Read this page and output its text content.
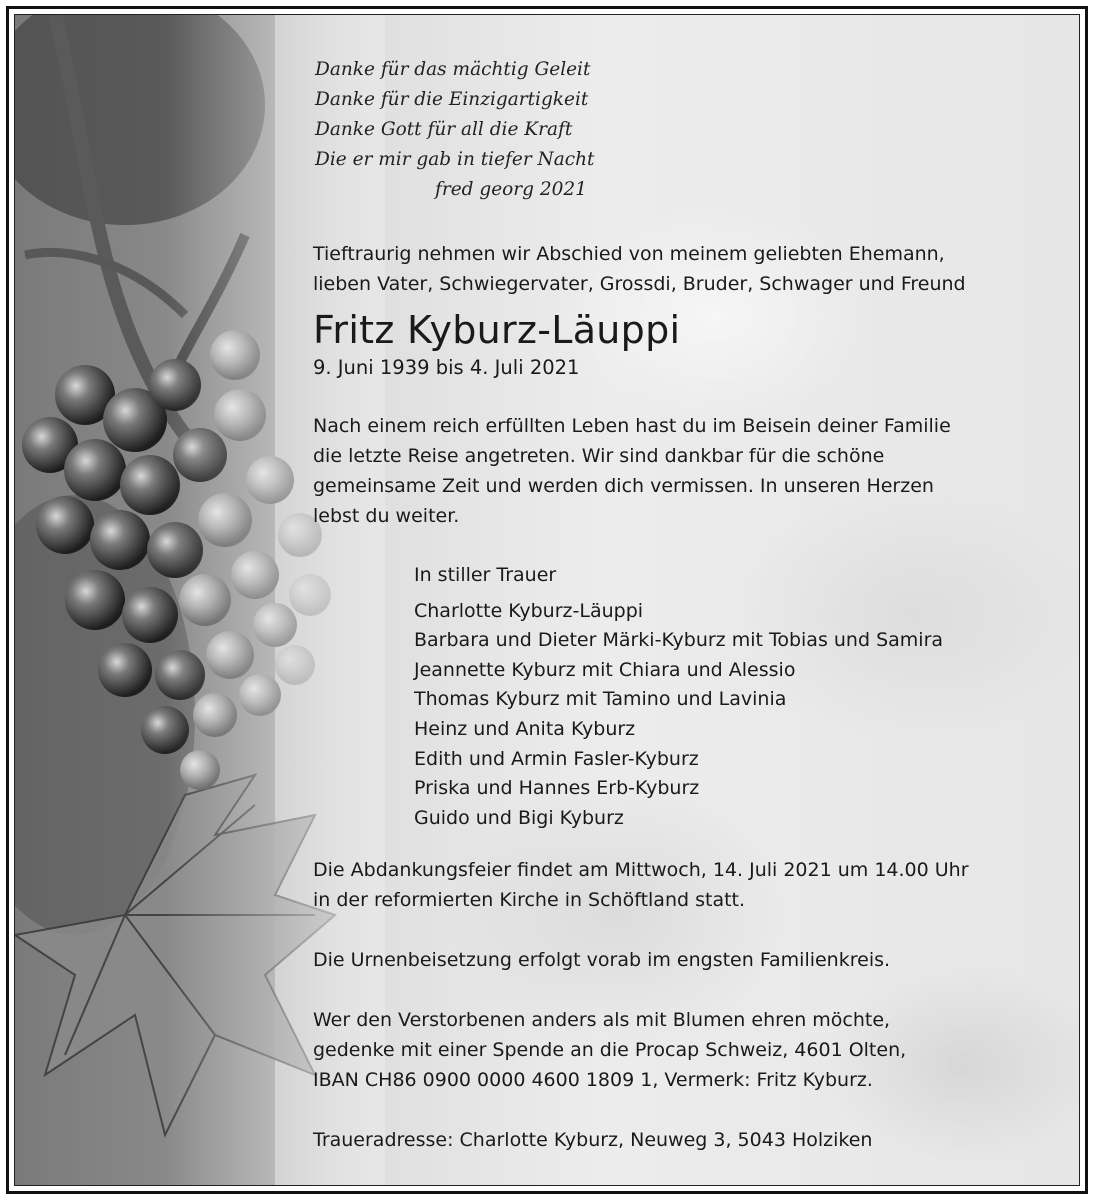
Danke für das mächtig Geleit
Danke für die Einzigartigkeit
Danke Gott für all die Kraft
Die er mir gab in tiefer Nacht
fred georg 2021
Tieftraurig nehmen wir Abschied von meinem geliebten Ehemann,
lieben Vater, Schwiegervater, Grossdi, Bruder, Schwager und Freund
Fritz Kyburz-Läuppi
9. Juni 1939 bis 4. Juli 2021
Nach einem reich erfüllten Leben hast du im Beisein deiner Familie
die letzte Reise angetreten. Wir sind dankbar für die schöne
gemeinsame Zeit und werden dich vermissen. In unseren Herzen
lebst du weiter.
In stiller Trauer
Charlotte Kyburz-Läuppi
Barbara und Dieter Märki-Kyburz mit Tobias und Samira
Jeannette Kyburz mit Chiara und Alessio
Thomas Kyburz mit Tamino und Lavinia
Heinz und Anita Kyburz
Edith und Armin Fasler-Kyburz
Priska und Hannes Erb-Kyburz
Guido und Bigi Kyburz
Die Abdankungsfeier findet am Mittwoch, 14. Juli 2021 um 14.00 Uhr
in der reformierten Kirche in Schöftland statt.
Die Urnenbeisetzung erfolgt vorab im engsten Familienkreis.
Wer den Verstorbenen anders als mit Blumen ehren möchte,
gedenke mit einer Spende an die Procap Schweiz, 4601 Olten,
IBAN CH86 0900 0000 4600 1809 1, Vermerk: Fritz Kyburz.
Traueradresse: Charlotte Kyburz, Neuweg 3, 5043 Holziken
